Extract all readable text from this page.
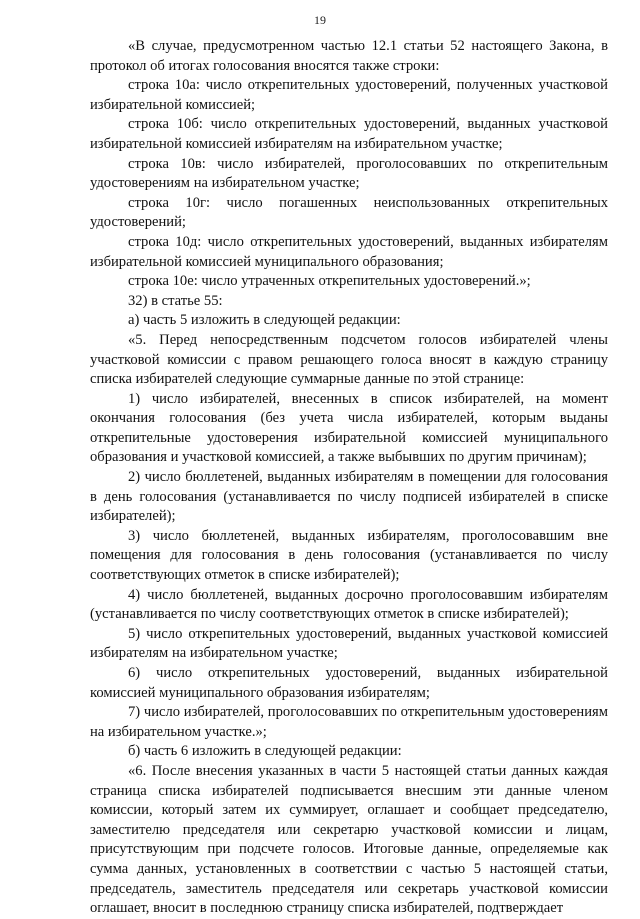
19

«В случае, предусмотренном частью 12.1 статьи 52 настоящего Закона, в протокол об итогах голосования вносятся также строки:

строка 10а: число открепительных удостоверений, полученных участковой избирательной комиссией;

строка 10б: число открепительных удостоверений, выданных участковой избирательной комиссией избирателям на избирательном участке;

строка 10в: число избирателей, проголосовавших по открепительным удостоверениям на избирательном участке;

строка 10г: число погашенных неиспользованных открепительных удостоверений;

строка 10д: число открепительных удостоверений, выданных избирателям избирательной комиссией муниципального образования;

строка 10е: число утраченных открепительных удостоверений.»;

32) в статье 55:

а) часть 5 изложить в следующей редакции:

«5. Перед непосредственным подсчетом голосов избирателей члены участковой комиссии с правом решающего голоса вносят в каждую страницу списка избирателей следующие суммарные данные по этой странице:

1) число избирателей, внесенных в список избирателей, на момент окончания голосования (без учета числа избирателей, которым выданы открепительные удостоверения избирательной комиссией муниципального образования и участковой комиссией, а также выбывших по другим причинам);

2) число бюллетеней, выданных избирателям в помещении для голосования в день голосования (устанавливается по числу подписей избирателей в списке избирателей);

3) число бюллетеней, выданных избирателям, проголосовавшим вне помещения для голосования в день голосования (устанавливается по числу соответствующих отметок в списке избирателей);

4) число бюллетеней, выданных досрочно проголосовавшим избирателям (устанавливается по числу соответствующих отметок в списке избирателей);

5) число открепительных удостоверений, выданных участковой комиссией избирателям на избирательном участке;

6) число открепительных удостоверений, выданных избирательной комиссией муниципального образования избирателям;

7) число избирателей, проголосовавших по открепительным удостоверениям на избирательном участке.»;

б) часть 6 изложить в следующей редакции:

«6. После внесения указанных в части 5 настоящей статьи данных каждая страница списка избирателей подписывается внесшим эти данные членом комиссии, который затем их суммирует, оглашает и сообщает председателю, заместителю председателя или секретарю участковой комиссии и лицам, присутствующим при подсчете голосов. Итоговые данные, определяемые как сумма данных, установленных в соответствии с частью 5 настоящей статьи, председатель, заместитель председателя или секретарь участковой комиссии оглашает, вносит в последнюю страницу списка избирателей, подтверждает
